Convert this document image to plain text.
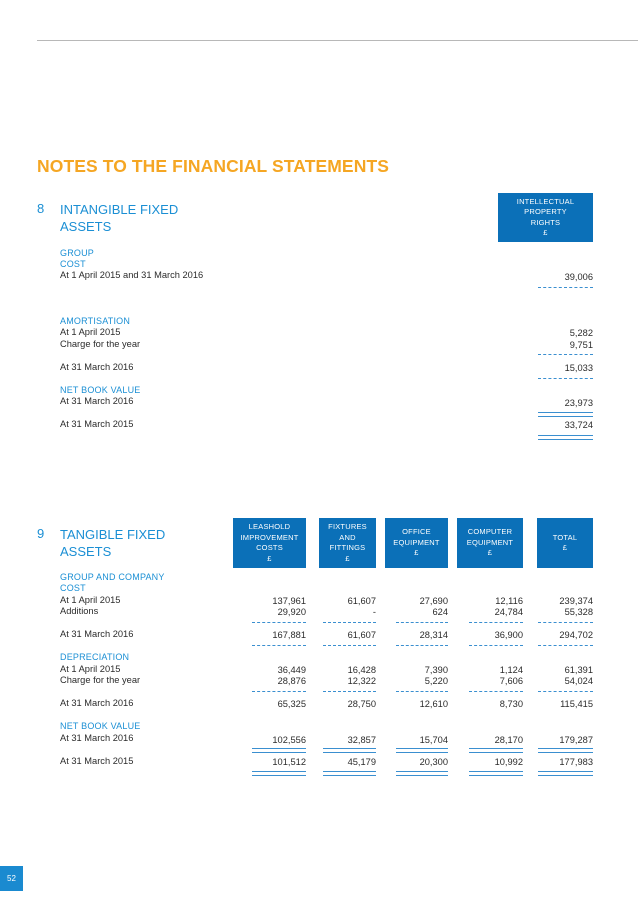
NOTES TO THE FINANCIAL STATEMENTS
8 INTANGIBLE FIXED
ASSETS
INTELLECTUAL
PROPERTY
RIGHTS
£
GROUP
COST
At 1 April 2015 and 31 March 2016	39,006
AMORTISATION
At 1 April 2015	5,282
Charge for the year	9,751
At 31 March 2016	15,033
NET BOOK VALUE
At 31 March 2016	23,973
At 31 March 2015	33,724
9 TANGIBLE FIXED
ASSETS
LEASHOLD
IMPROVEMENT
COSTS
£
FIXTURES
AND
FITTINGS
£
OFFICE
EQUIPMENT
£
COMPUTER
EQUIPMENT
£
TOTAL
£
GROUP AND COMPANY
COST
At 1 April 2015	137,961	61,607	27,690	12,116	239,374
Additions	29,920	-	624	24,784	55,328
At 31 March 2016	167,881	61,607	28,314	36,900	294,702
DEPRECIATION
At 1 April 2015	36,449	16,428	7,390	1,124	61,391
Charge for the year	28,876	12,322	5,220	7,606	54,024
At 31 March 2016	65,325	28,750	12,610	8,730	115,415
NET BOOK VALUE
At 31 March 2016	102,556	32,857	15,704	28,170	179,287
At 31 March 2015	101,512	45,179	20,300	10,992	177,983
52
